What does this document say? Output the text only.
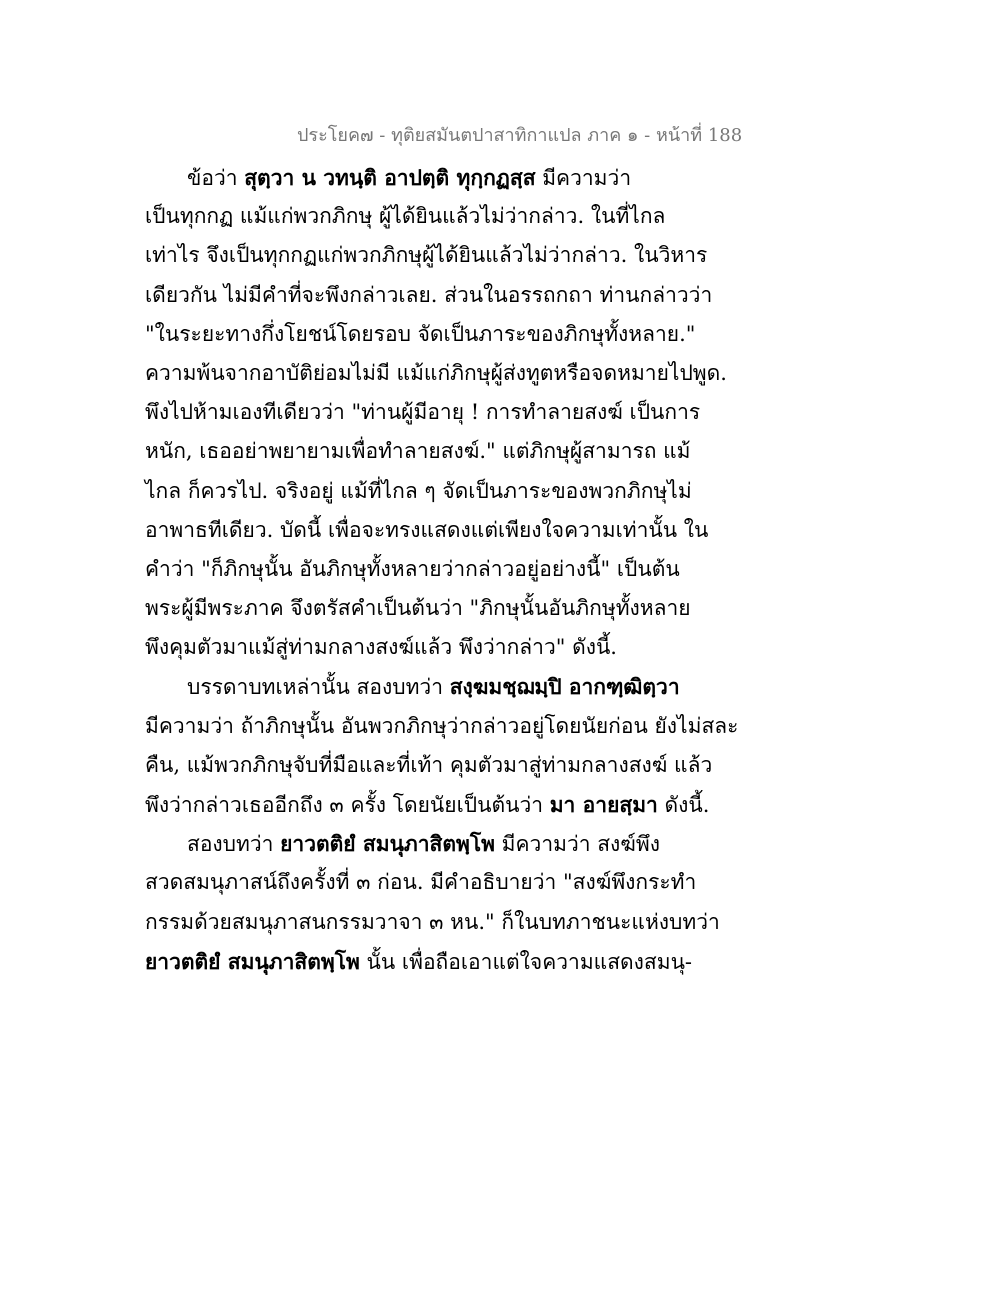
ประโยค๗ - ทุติยสมันตปาสาทิกาแปล ภาค ๑ - หน้าที่ 188
ข้อว่า สุตฺวา น วทนฺติ อาปตฺติ ทุกฺกฏสฺส มีความว่า
เป็นทุกกฏ แม้แก่พวกภิกษุ ผู้ได้ยินแล้วไม่ว่ากล่าว. ในที่ไกล
เท่าไร จึงเป็นทุกกฏแก่พวกภิกษุผู้ได้ยินแล้วไม่ว่ากล่าว. ในวิหาร
เดียวกัน ไม่มีคำที่จะพึงกล่าวเลย. ส่วนในอรรถกถา ท่านกล่าวว่า
"ในระยะทางกึ่งโยชน์โดยรอบ จัดเป็นภาระของภิกษุทั้งหลาย."
ความพ้นจากอาบัติย่อมไม่มี แม้แก่ภิกษุผู้ส่งทูตหรือจดหมายไปพูด.
พึงไปห้ามเองทีเดียวว่า "ท่านผู้มีอายุ ! การทำลายสงฆ์ เป็นการ
หนัก, เธออย่าพยายามเพื่อทำลายสงฆ์." แต่ภิกษุผู้สามารถ แม้
ไกล ก็ควรไป. จริงอยู่ แม้ที่ไกล ๆ จัดเป็นภาระของพวกภิกษุไม่
อาพาธทีเดียว. บัดนี้ เพื่อจะทรงแสดงแต่เพียงใจความเท่านั้น ใน
คำว่า "ก็ภิกษุนั้น อันภิกษุทั้งหลายว่ากล่าวอยู่อย่างนี้" เป็นต้น
พระผู้มีพระภาค จึงตรัสคำเป็นต้นว่า "ภิกษุนั้นอันภิกษุทั้งหลาย
พึงคุมตัวมาแม้สู่ท่ามกลางสงฆ์แล้ว พึงว่ากล่าว" ดังนี้.
บรรดาบทเหล่านั้น สองบทว่า สงฺฆมชฺฌมฺปิ อากฑฺฒิตฺวา
มีความว่า ถ้าภิกษุนั้น อันพวกภิกษุว่ากล่าวอยู่โดยนัยก่อน ยังไม่สละ
คืน, แม้พวกภิกษุจับที่มือและที่เท้า คุมตัวมาสู่ท่ามกลางสงฆ์ แล้ว
พึงว่ากล่าวเธออีกถึง ๓ ครั้ง โดยนัยเป็นต้นว่า มา อายสฺมา ดังนี้.
สองบทว่า ยาวตติยํ สมนุภาสิตพฺโพ มีความว่า สงฆ์พึง
สวดสมนุภาสน์ถึงครั้งที่ ๓ ก่อน. มีคำอธิบายว่า "สงฆ์พึงกระทำ
กรรมด้วยสมนุภาสนกรรมวาจา ๓ หน." ก็ในบทภาชนะแห่งบทว่า
ยาวตติยํ สมนุภาสิตพฺโพ นั้น เพื่อถือเอาแต่ใจความแสดงสมนุ-
